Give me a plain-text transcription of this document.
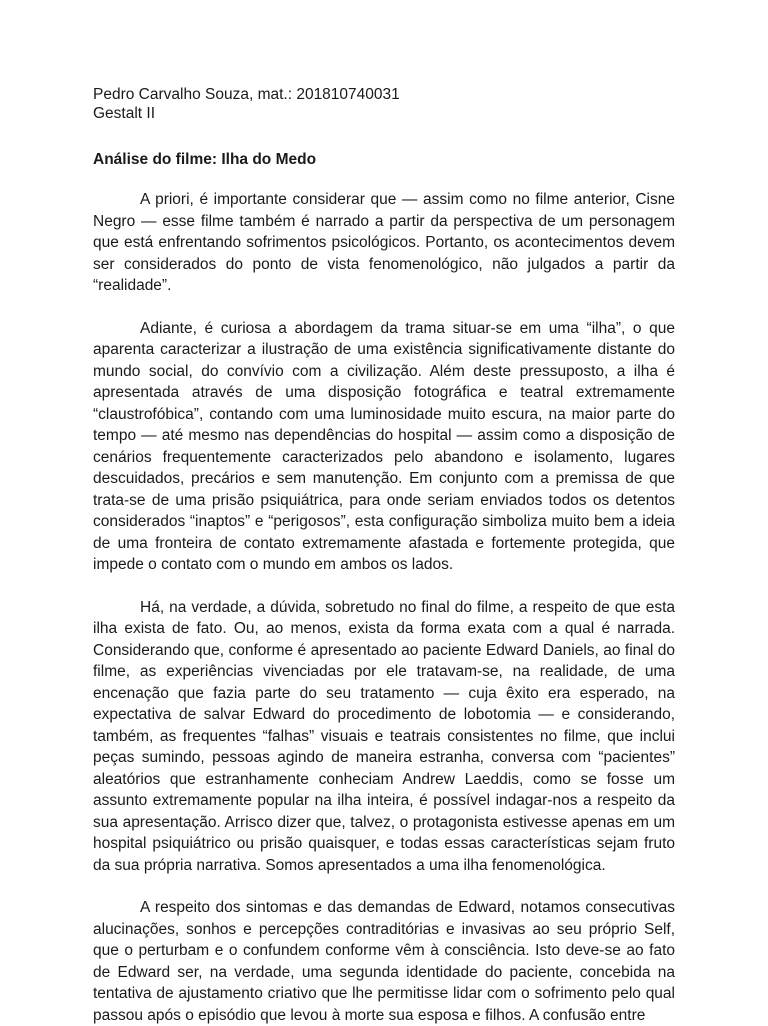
Pedro Carvalho Souza, mat.: 201810740031

Gestalt II

Análise do filme: Ilha do Medo

A priori, é importante considerar que — assim como no filme anterior, Cisne Negro — esse filme também é narrado a partir da perspectiva de um personagem que está enfrentando sofrimentos psicológicos. Portanto, os acontecimentos devem ser considerados do ponto de vista fenomenológico, não julgados a partir da “realidade”.

Adiante, é curiosa a abordagem da trama situar-se em uma “ilha”, o que aparenta caracterizar a ilustração de uma existência significativamente distante do mundo social, do convívio com a civilização. Além deste pressuposto, a ilha é apresentada através de uma disposição fotográfica e teatral extremamente “claustrofóbica”, contando com uma luminosidade muito escura, na maior parte do tempo — até mesmo nas dependências do hospital — assim como a disposição de cenários frequentemente caracterizados pelo abandono e isolamento, lugares descuidados, precários e sem manutenção. Em conjunto com a premissa de que trata-se de uma prisão psiquiátrica, para onde seriam enviados todos os detentos considerados “inaptos” e “perigosos”, esta configuração simboliza muito bem a ideia de uma fronteira de contato extremamente afastada e fortemente protegida, que impede o contato com o mundo em ambos os lados.

Há, na verdade, a dúvida, sobretudo no final do filme, a respeito de que esta ilha exista de fato. Ou, ao menos, exista da forma exata com a qual é narrada. Considerando que, conforme é apresentado ao paciente Edward Daniels, ao final do filme, as experiências vivenciadas por ele tratavam-se, na realidade, de uma encenação que fazia parte do seu tratamento — cuja êxito era esperado, na expectativa de salvar Edward do procedimento de lobotomia — e considerando, também, as frequentes “falhas” visuais e teatrais consistentes no filme, que inclui peças sumindo, pessoas agindo de maneira estranha, conversa com “pacientes” aleatórios que estranhamente conheciam Andrew Laeddis, como se fosse um assunto extremamente popular na ilha inteira, é possível indagar-nos a respeito da sua apresentação. Arrisco dizer que, talvez, o protagonista estivesse apenas em um hospital psiquiátrico ou prisão quaisquer, e todas essas características sejam fruto da sua própria narrativa. Somos apresentados a uma ilha fenomenológica.

A respeito dos sintomas e das demandas de Edward, notamos consecutivas alucinações, sonhos e percepções contraditórias e invasivas ao seu próprio Self, que o perturbam e o confundem conforme vêm à consciência. Isto deve-se ao fato de Edward ser, na verdade, uma segunda identidade do paciente, concebida na tentativa de ajustamento criativo que lhe permitisse lidar com o sofrimento pelo qual passou após o episódio que levou à morte sua esposa e filhos. A confusão entre
